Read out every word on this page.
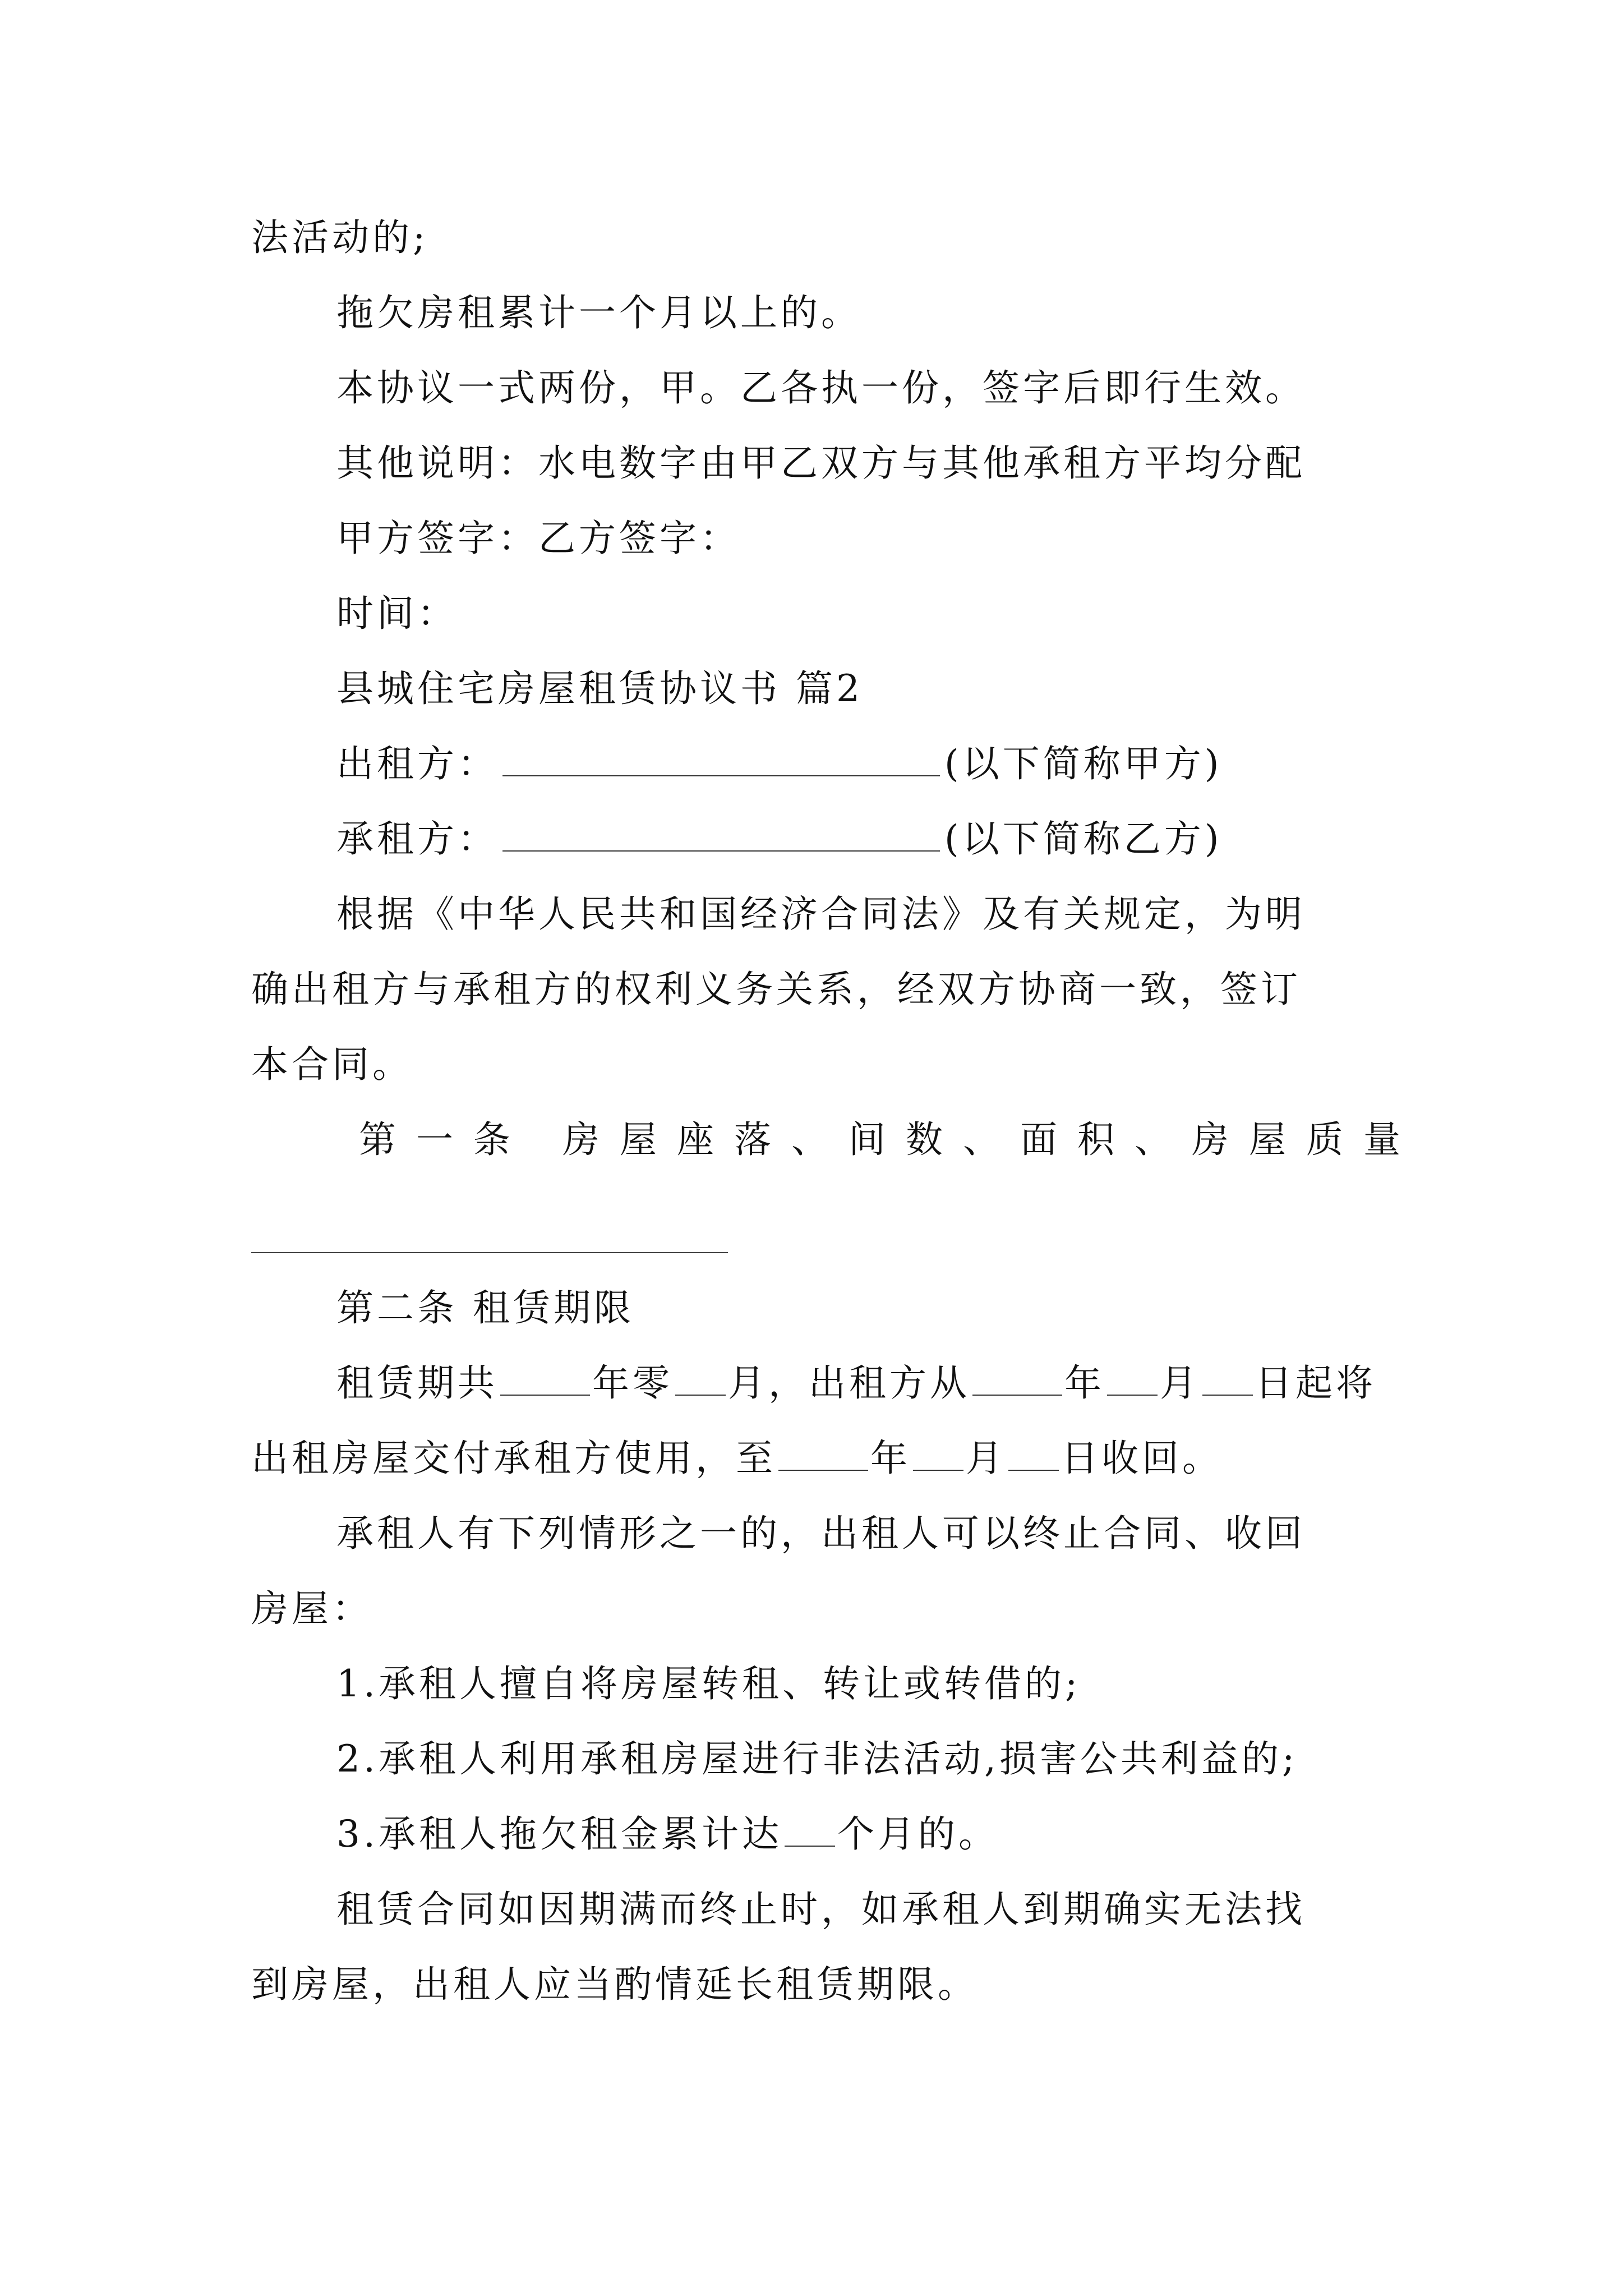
法活动的;
拖欠房租累计一个月以上的。
本协议一式两份，甲。乙各执一份，签字后即行生效。
其他说明：水电数字由甲乙双方与其他承租方平均分配
甲方签字：乙方签字：
时间：
县城住宅房屋租赁协议书 篇2
出租方：	(以下简称甲方)
承租方：	(以下简称乙方)
根据《中华人民共和国经济合同法》及有关规定，为明
确出租方与承租方的权利义务关系，经双方协商一致，签订
本合同。
第一条 房屋座落、间数、面积、房屋质量
第二条 租赁期限
租赁期共	年零 月，出租方从	年 月 日起将
出租房屋交付承租方使用，至	年 月 日收回。
承租人有下列情形之一的，出租人可以终止合同、收回
房屋：
1.承租人擅自将房屋转租、转让或转借的;
2.承租人利用承租房屋进行非法活动,损害公共利益的;
3.承租人拖欠租金累计达 个月的。
租赁合同如因期满而终止时，如承租人到期确实无法找
到房屋，出租人应当酌情延长租赁期限。
